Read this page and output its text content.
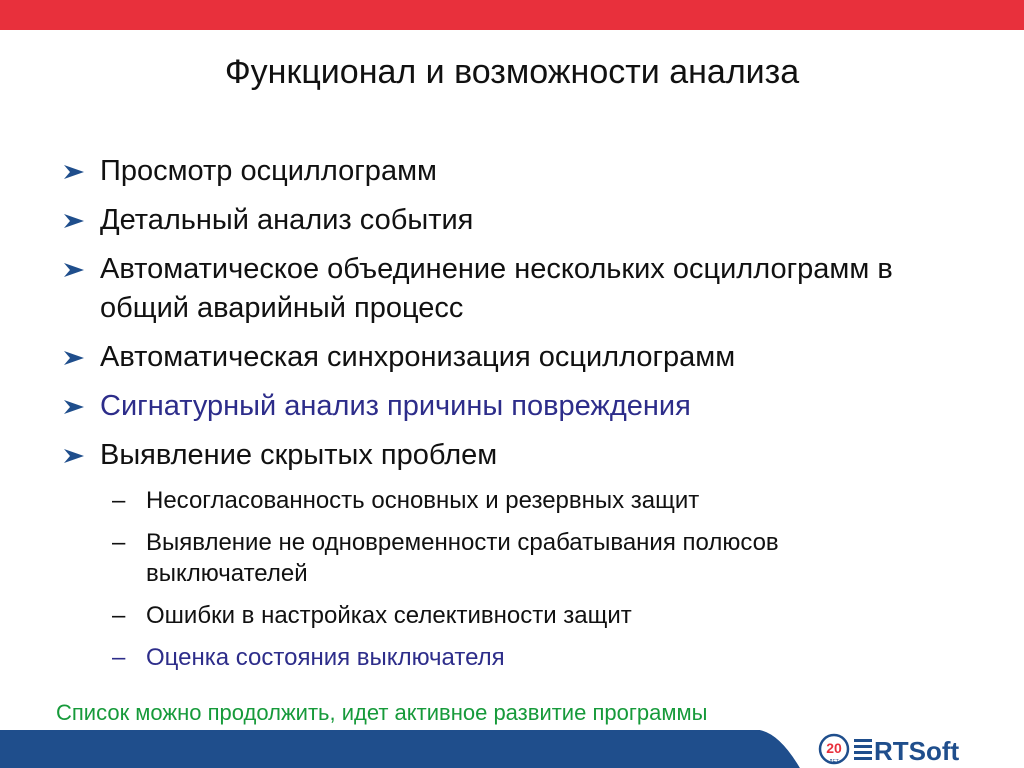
Функционал и возможности анализа
Просмотр осциллограмм
Детальный анализ события
Автоматическое объединение нескольких осциллограмм в общий аварийный процесс
Автоматическая синхронизация осциллограмм
Сигнатурный анализ причины повреждения
Выявление скрытых проблем
– Несогласованность основных и резервных защит
– Выявление не одновременности срабатывания полюсов выключателей
– Ошибки в настройках селективности защит
– Оценка состояния выключателя
Список можно продолжить, идет активное развитие программы
20
ЛЕТ RTSoft
